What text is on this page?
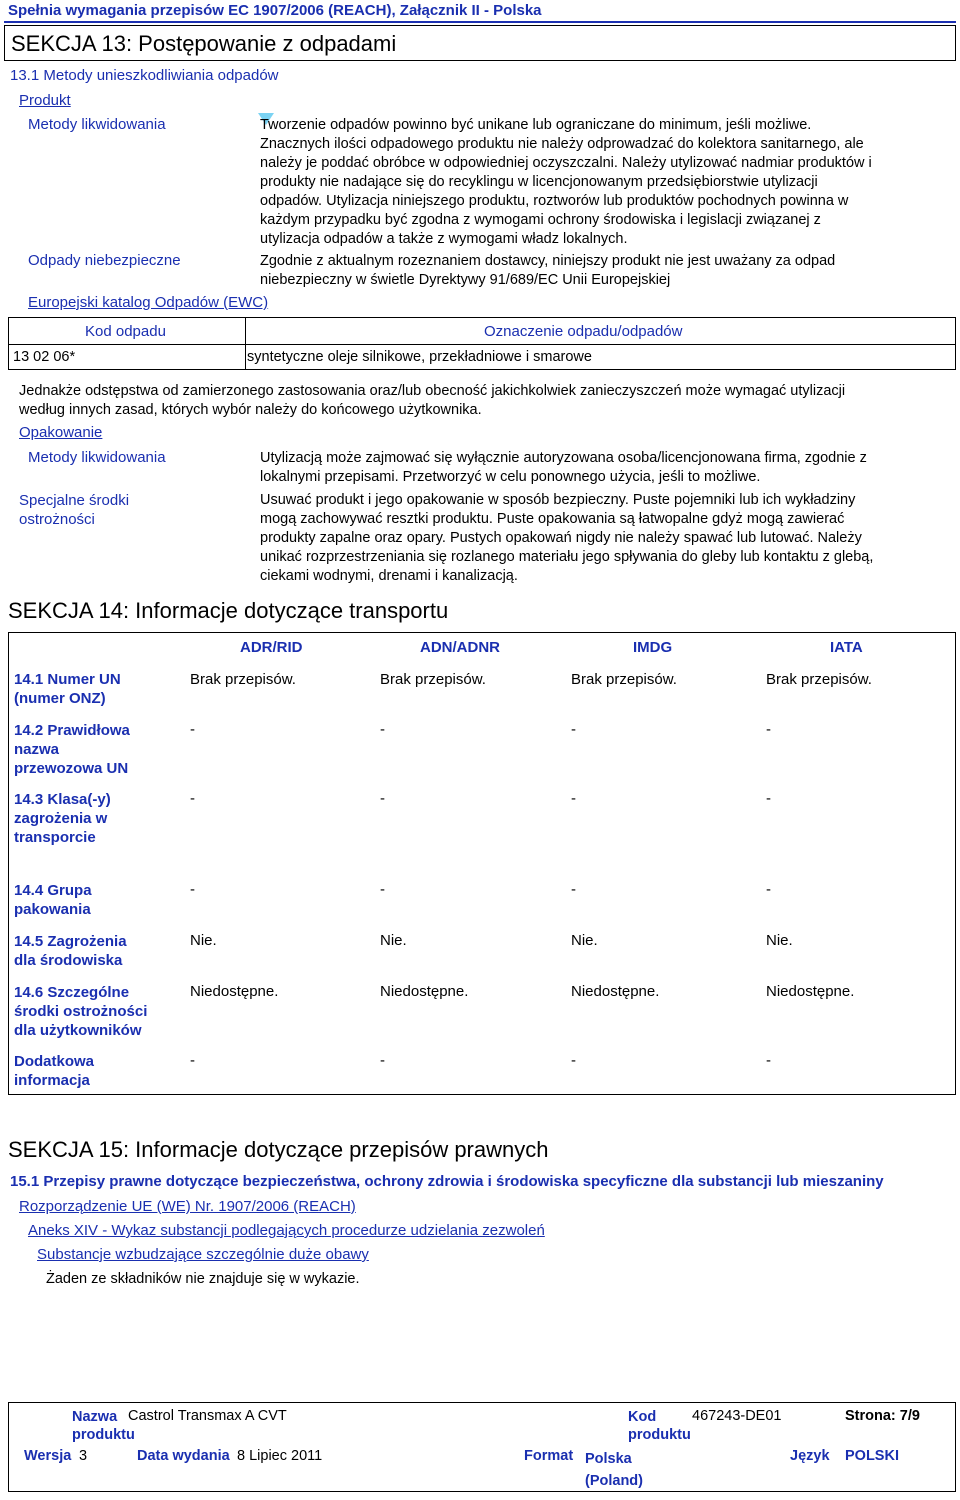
Spełnia wymagania przepisów EC 1907/2006 (REACH), Załącznik II - Polska
SEKCJA 13: Postępowanie z odpadami
13.1 Metody unieszkodliwiania odpadów
Produkt
Metody likwidowania	Tworzenie odpadów powinno być unikane lub ograniczane do minimum, jeśli możliwe.
Znacznych ilości odpadowego produktu nie należy odprowadzać do kolektora sanitarnego, ale
należy je poddać obróbce w odpowiedniej oczyszczalni. Należy utylizować nadmiar produktów i
produkty nie nadające się do recyklingu w licencjonowanym przedsiębiorstwie utylizacji
odpadów. Utylizacja niniejszego produktu, roztworów lub produktów pochodnych powinna w
każdym przypadku być zgodna z wymogami ochrony środowiska i legislacji związanej z
utylizacja odpadów a także z wymogami władz lokalnych.
Odpady niebezpieczne	Zgodnie z aktualnym rozeznaniem dostawcy, niniejszy produkt nie jest uważany za odpad
niebezpieczny w świetle Dyrektywy 91/689/EC Unii Europejskiej
Europejski katalog Odpadów (EWC)
Kod odpadu	Oznaczenie odpadu/odpadów
13 02 06*	syntetyczne oleje silnikowe, przekładniowe i smarowe
Jednakże odstępstwa od zamierzonego zastosowania oraz/lub obecność jakichkolwiek zanieczyszczeń może wymagać utylizacji
według innych zasad, których wybór należy do końcowego użytkownika.
Opakowanie
Metody likwidowania	Utylizacją może zajmować się wyłącznie autoryzowana osoba/licencjonowana firma, zgodnie z
lokalnymi przepisami. Przetworzyć w celu ponownego użycia, jeśli to możliwe.
Specjalne środki
ostrożności
Usuwać produkt i jego opakowanie w sposób bezpieczny. Puste pojemniki lub ich wykładziny
mogą zachowywać resztki produktu. Puste opakowania są łatwopalne gdyż mogą zawierać
produkty zapalne oraz opary. Pustych opakowań nigdy nie należy spawać lub lutować. Należy
unikać rozprzestrzeniania się rozlanego materiału jego spływania do gleby lub kontaktu z glebą,
ciekami wodnymi, drenami i kanalizacją.
SEKCJA 14: Informacje dotyczące transportu
ADR/RID	ADN/ADNR	IMDG	IATA
14.1 Numer UN
(numer ONZ)
Brak przepisów.	Brak przepisów.	Brak przepisów.	Brak przepisów.
14.2 Prawidłowa
nazwa
przewozowa UN
-	-	-	-
14.3 Klasa(-y)
zagrożenia w
transporcie
-	-	-	-
14.4 Grupa
pakowania
-	-	-	-
14.5 Zagrożenia
dla środowiska
Nie.	Nie.	Nie.	Nie.
14.6 Szczególne
środki ostrożności
dla użytkowników
Niedostępne.	Niedostępne.	Niedostępne.	Niedostępne.
Dodatkowa
informacja
-	-	-	-
SEKCJA 15: Informacje dotyczące przepisów prawnych
15.1 Przepisy prawne dotyczące bezpieczeństwa, ochrony zdrowia i środowiska specyficzne dla substancji lub mieszaniny
Rozporządzenie UE (WE) Nr. 1907/2006 (REACH)
Aneks XIV - Wykaz substancji podlegających procedurze udzielania zezwoleń
Substancje wzbudzające szczególnie duże obawy
Żaden ze składników nie znajduje się w wykazie.
Nazwa
produktu
Castrol Transmax A CVT	Kod
produktu
467243-DE01	Strona: 7/9
Wersja 3	Data wydania 8 Lipiec 2011	Format Polska
(Poland)
Język POLSKI
